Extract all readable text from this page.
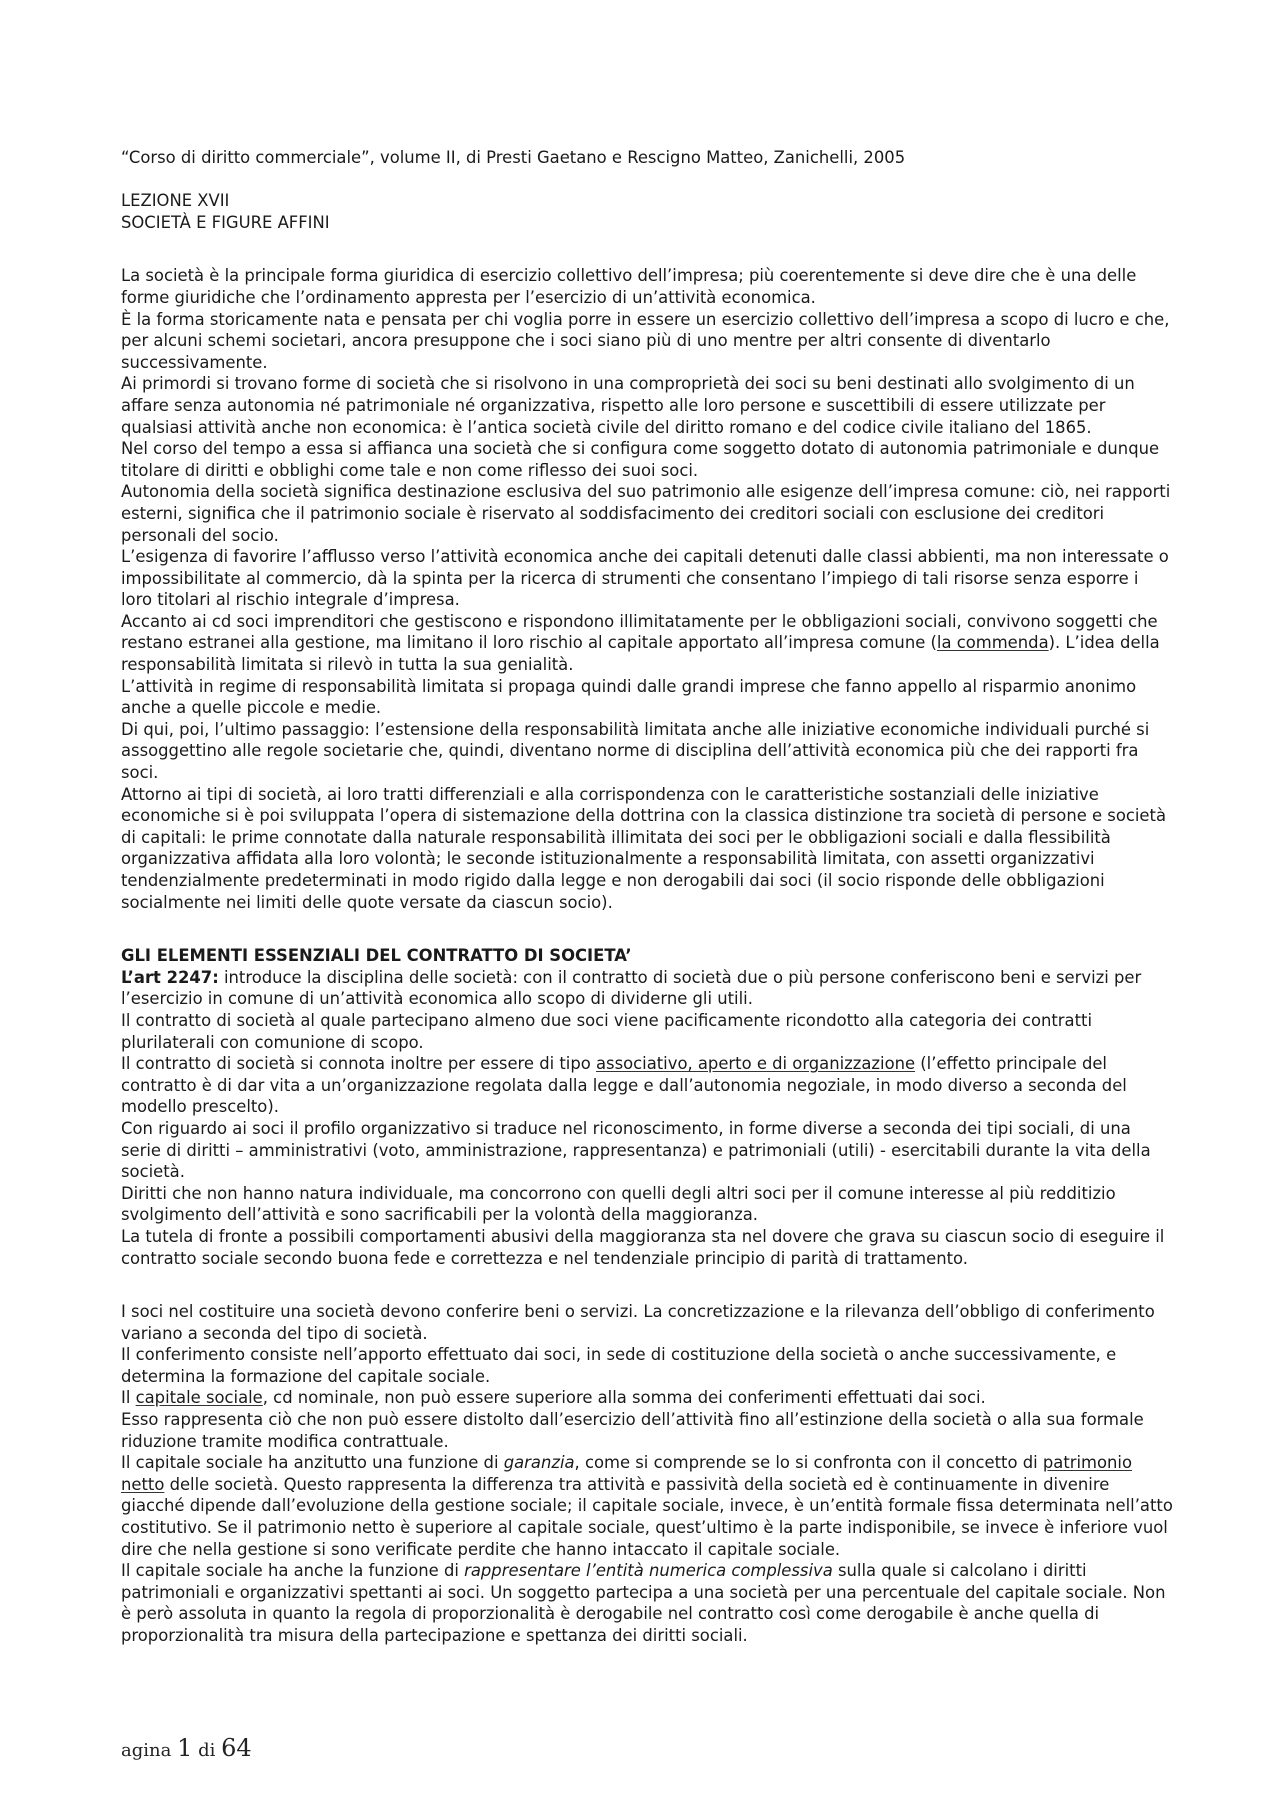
“Corso di diritto commerciale”, volume II, di Presti Gaetano e Rescigno Matteo, Zanichelli, 2005

LEZIONE XVII

SOCIETÀ E FIGURE AFFINI

La società è la principale forma giuridica di esercizio collettivo dell’impresa; più coerentemente si deve dire che è una delle forme giuridiche che l’ordinamento appresta per l’esercizio di un’attività economica.

È la forma storicamente nata e pensata per chi voglia porre in essere un esercizio collettivo dell’impresa a scopo di lucro e che, per alcuni schemi societari, ancora presuppone che i soci siano più di uno mentre per altri consente di diventarlo successivamente.

Ai primordi si trovano forme di società che si risolvono in una comproprietà dei soci su beni destinati allo svolgimento di un affare senza autonomia né patrimoniale né organizzativa, rispetto alle loro persone e suscettibili di essere utilizzate per qualsiasi attività anche non economica: è l’antica società civile del diritto romano e del codice civile italiano del 1865.

Nel corso del tempo a essa si affianca una società che si configura come soggetto dotato di autonomia patrimoniale e dunque titolare di diritti e obblighi come tale e non come riflesso dei suoi soci.

Autonomia della società significa destinazione esclusiva del suo patrimonio alle esigenze dell’impresa comune: ciò, nei rapporti esterni, significa che il patrimonio sociale è riservato al soddisfacimento dei creditori sociali con esclusione dei creditori personali del socio.

L’esigenza di favorire l’afflusso verso l’attività economica anche dei capitali detenuti dalle classi abbienti, ma non interessate o impossibilitate al commercio, dà la spinta per la ricerca di strumenti che consentano l’impiego di tali risorse senza esporre i loro titolari al rischio integrale d’impresa.

Accanto ai cd soci imprenditori che gestiscono e rispondono illimitatamente per le obbligazioni sociali, convivono soggetti che restano estranei alla gestione, ma limitano il loro rischio al capitale apportato all’impresa comune (la commenda). L’idea della responsabilità limitata si rilevò in tutta la sua genialità.

L’attività in regime di responsabilità limitata si propaga quindi dalle grandi imprese che fanno appello al risparmio anonimo anche a quelle piccole e medie.

Di qui, poi, l’ultimo passaggio: l’estensione della responsabilità limitata anche alle iniziative economiche individuali purché si assoggettino alle regole societarie che, quindi, diventano norme di disciplina dell’attività economica più che dei rapporti fra soci.

Attorno ai tipi di società, ai loro tratti differenziali e alla corrispondenza con le caratteristiche sostanziali delle iniziative economiche si è poi sviluppata l’opera di sistemazione della dottrina con la classica distinzione tra società di persone e società di capitali: le prime connotate dalla naturale responsabilità illimitata dei soci per le obbligazioni sociali e dalla flessibilità organizzativa affidata alla loro volontà; le seconde istituzionalmente a responsabilità limitata, con assetti organizzativi tendenzialmente predeterminati in modo rigido dalla legge e non derogabili dai soci (il socio risponde delle obbligazioni socialmente nei limiti delle quote versate da ciascun socio).

GLI ELEMENTI ESSENZIALI DEL CONTRATTO DI SOCIETA’

L’art 2247: introduce la disciplina delle società: con il contratto di società due o più persone conferiscono beni e servizi per l’esercizio in comune di un’attività economica allo scopo di dividerne gli utili.

Il contratto di società al quale partecipano almeno due soci viene pacificamente ricondotto alla categoria dei contratti plurilaterali con comunione di scopo.

Il contratto di società si connota inoltre per essere di tipo associativo, aperto e di organizzazione (l’effetto principale del contratto è di dar vita a un’organizzazione regolata dalla legge e dall’autonomia negoziale, in modo diverso a seconda del modello prescelto).

Con riguardo ai soci il profilo organizzativo si traduce nel riconoscimento, in forme diverse a seconda dei tipi sociali, di una serie di diritti – amministrativi (voto, amministrazione, rappresentanza) e patrimoniali (utili) - esercitabili durante la vita della società.

Diritti che non hanno natura individuale, ma concorrono con quelli degli altri soci per il comune interesse al più redditizio svolgimento dell’attività e sono sacrificabili per la volontà della maggioranza.

La tutela di fronte a possibili comportamenti abusivi della maggioranza sta nel dovere che grava su ciascun socio di eseguire il contratto sociale secondo buona fede e correttezza e nel tendenziale principio di parità di trattamento.

I soci nel costituire una società devono conferire beni o servizi. La concretizzazione e la rilevanza dell’obbligo di conferimento variano a seconda del tipo di società.

Il conferimento consiste nell’apporto effettuato dai soci, in sede di costituzione della società o anche successivamente, e determina la formazione del capitale sociale.

Il capitale sociale, cd nominale, non può essere superiore alla somma dei conferimenti effettuati dai soci.

Esso rappresenta ciò che non può essere distolto dall’esercizio dell’attività fino all’estinzione della società o alla sua formale riduzione tramite modifica contrattuale.

Il capitale sociale ha anzitutto una funzione di garanzia, come si comprende se lo si confronta con il concetto di patrimonio netto delle società. Questo rappresenta la differenza tra attività e passività della società ed è continuamente in divenire giacché dipende dall’evoluzione della gestione sociale; il capitale sociale, invece, è un’entità formale fissa determinata nell’atto costitutivo. Se il patrimonio netto è superiore al capitale sociale, quest’ultimo è la parte indisponibile, se invece è inferiore vuol dire che nella gestione si sono verificate perdite che hanno intaccato il capitale sociale.

Il capitale sociale ha anche la funzione di rappresentare l’entità numerica complessiva sulla quale si calcolano i diritti patrimoniali e organizzativi spettanti ai soci. Un soggetto partecipa a una società per una percentuale del capitale sociale. Non è però assoluta in quanto la regola di proporzionalità è derogabile nel contratto così come derogabile è anche quella di proporzionalità tra misura della partecipazione e spettanza dei diritti sociali.

agina 1 di 64
